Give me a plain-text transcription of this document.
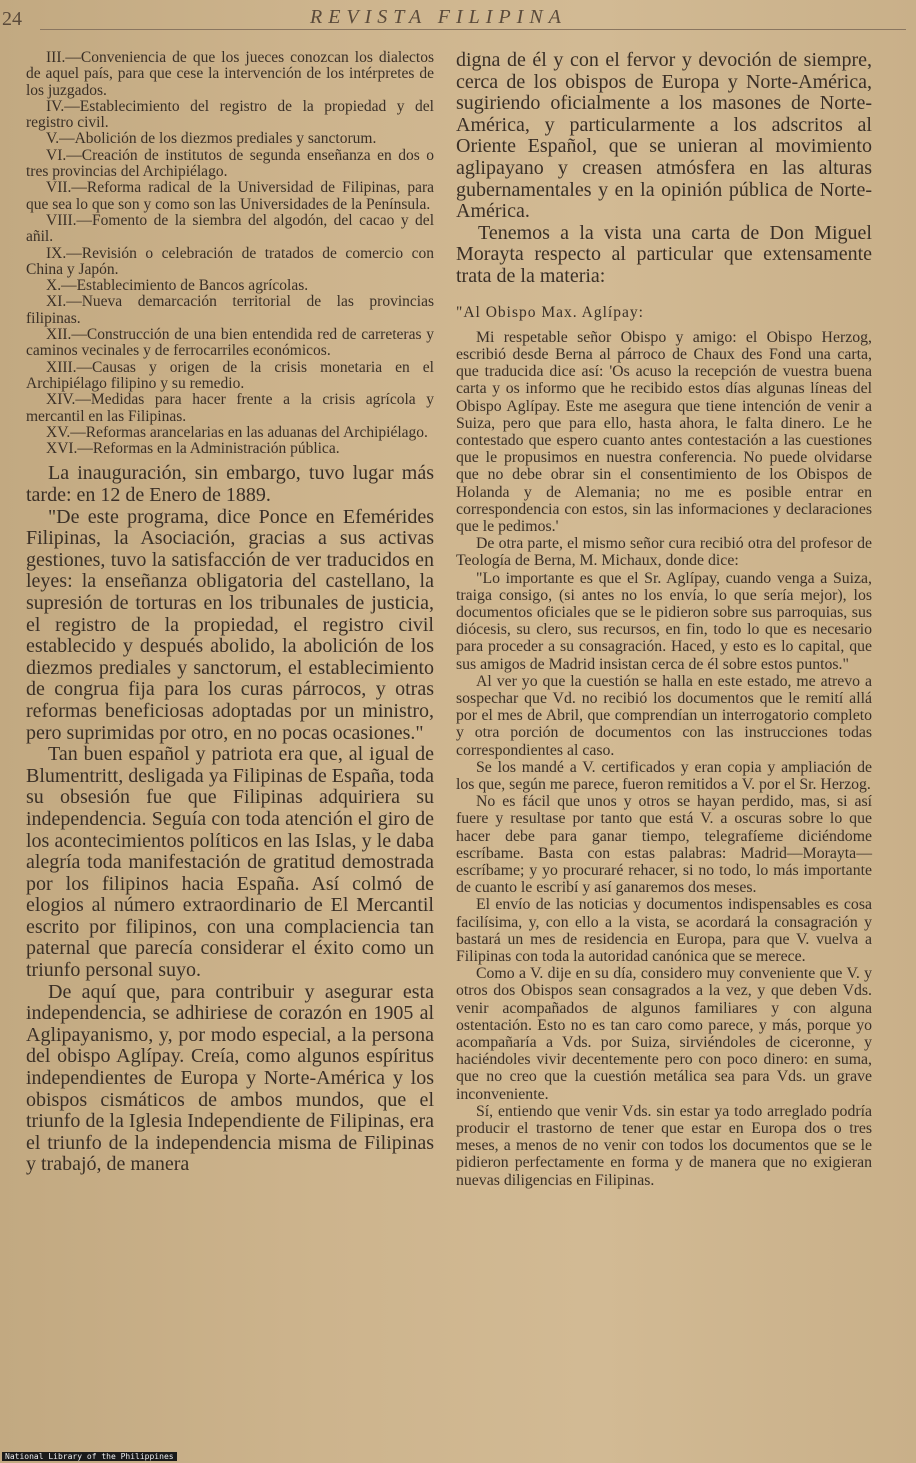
24	REVISTA FILIPINA

III.—Conveniencia de que los jueces conozcan los dialectos de aquel país, para que cese la intervención de los intérpretes de los juzgados.

IV.—Establecimiento del registro de la propiedad y del registro civil.

V.—Abolición de los diezmos prediales y sanctorum.

VI.—Creación de institutos de segunda enseñanza en dos o tres provincias del Archipiélago.

VII.—Reforma radical de la Universidad de Filipinas, para que sea lo que son y como son las Universidades de la Península.

VIII.—Fomento de la siembra del algodón, del cacao y del añil.

IX.—Revisión o celebración de tratados de comercio con China y Japón.

X.—Establecimiento de Bancos agrícolas.

XI.—Nueva demarcación territorial de las provincias filipinas.

XII.—Construcción de una bien entendida red de carreteras y caminos vecinales y de ferrocarriles económicos.

XIII.—Causas y origen de la crisis monetaria en el Archipiélago filipino y su remedio.

XIV.—Medidas para hacer frente a la crisis agrícola y mercantil en las Filipinas.

XV.—Reformas arancelarias en las aduanas del Archipiélago.

XVI.—Reformas en la Administración pública.

La inauguración, sin embargo, tuvo lugar más tarde: en 12 de Enero de 1889.

"De este programa, dice Ponce en Efemérides Filipinas, la Asociación, gracias a sus activas gestiones, tuvo la satisfacción de ver traducidos en leyes: la enseñanza obligatoria del castellano, la supresión de torturas en los tribunales de justicia, el registro de la propiedad, el registro civil establecido y después abolido, la abolición de los diezmos prediales y sanctorum, el establecimiento de congrua fija para los curas párrocos, y otras reformas beneficiosas adoptadas por un ministro, pero suprimidas por otro, en no pocas ocasiones."

Tan buen español y patriota era que, al igual de Blumentritt, desligada ya Filipinas de España, toda su obsesión fue que Filipinas adquiriera su independencia. Seguía con toda atención el giro de los acontecimientos políticos en las Islas, y le daba alegría toda manifestación de gratitud demostrada por los filipinos hacia España. Así colmó de elogios al número extraordinario de El Mercantil escrito por filipinos, con una complaciencia tan paternal que parecía considerar el éxito como un triunfo personal suyo.

De aquí que, para contribuir y asegurar esta independencia, se adhiriese de corazón en 1905 al Aglipayanismo, y, por modo especial, a la persona del obispo Aglípay. Creía, como algunos espíritus independientes de Europa y Norte-América y los obispos cismáticos de ambos mundos, que el triunfo de la Iglesia Independiente de Filipinas, era el triunfo de la independencia misma de Filipinas y trabajó, de manera

digna de él y con el fervor y devoción de siempre, cerca de los obispos de Europa y Norte-América, sugiriendo oficialmente a los masones de Norte-América, y particularmente a los adscritos al Oriente Español, que se unieran al movimiento aglipayano y creasen atmósfera en las alturas gubernamentales y en la opinión pública de Norte-América.

Tenemos a la vista una carta de Don Miguel Morayta respecto al particular que extensamente trata de la materia:

"Al Obispo Max. Aglípay:

Mi respetable señor Obispo y amigo: el Obispo Herzog, escribió desde Berna al párroco de Chaux des Fond una carta, que traducida dice así: 'Os acuso la recepción de vuestra buena carta y os informo que he recibido estos días algunas líneas del Obispo Aglípay. Este me asegura que tiene intención de venir a Suiza, pero que para ello, hasta ahora, le falta dinero. Le he contestado que espero cuanto antes contestación a las cuestiones que le propusimos en nuestra conferencia. No puede olvidarse que no debe obrar sin el consentimiento de los Obispos de Holanda y de Alemania; no me es posible entrar en correspondencia con estos, sin las informaciones y declaraciones que le pedimos.'

De otra parte, el mismo señor cura recibió otra del profesor de Teología de Berna, M. Michaux, donde dice:

"Lo importante es que el Sr. Aglípay, cuando venga a Suiza, traiga consigo, (si antes no los envía, lo que sería mejor), los documentos oficiales que se le pidieron sobre sus parroquias, sus diócesis, su clero, sus recursos, en fin, todo lo que es necesario para proceder a su consagración. Haced, y esto es lo capital, que sus amigos de Madrid insistan cerca de él sobre estos puntos."

Al ver yo que la cuestión se halla en este estado, me atrevo a sospechar que Vd. no recibió los documentos que le remití allá por el mes de Abril, que comprendían un interrogatorio completo y otra porción de documentos con las instrucciones todas correspondientes al caso.

Se los mandé a V. certificados y eran copia y ampliación de los que, según me parece, fueron remitidos a V. por el Sr. Herzog.

No es fácil que unos y otros se hayan perdido, mas, si así fuere y resultase por tanto que está V. a oscuras sobre lo que hacer debe para ganar tiempo, telegrafíeme diciéndome escríbame. Basta con estas palabras: Madrid—Morayta—escríbame; y yo procuraré rehacer, si no todo, lo más importante de cuanto le escribí y así ganaremos dos meses.

El envío de las noticias y documentos indispensables es cosa facilísima, y, con ello a la vista, se acordará la consagración y bastará un mes de residencia en Europa, para que V. vuelva a Filipinas con toda la autoridad canónica que se merece.

Como a V. dije en su día, considero muy conveniente que V. y otros dos Obispos sean consagrados a la vez, y que deben Vds. venir acompañados de algunos familiares y con alguna ostentación. Esto no es tan caro como parece, y más, porque yo acompañaría a Vds. por Suiza, sirviéndoles de ciceronne, y haciéndoles vivir decentemente pero con poco dinero: en suma, que no creo que la cuestión metálica sea para Vds. un grave inconveniente.

Sí, entiendo que venir Vds. sin estar ya todo arreglado podría producir el trastorno de tener que estar en Europa dos o tres meses, a menos de no venir con todos los documentos que se le pidieron perfectamente en forma y de manera que no exigieran nuevas diligencias en Filipinas.

National Library of the Philippines
